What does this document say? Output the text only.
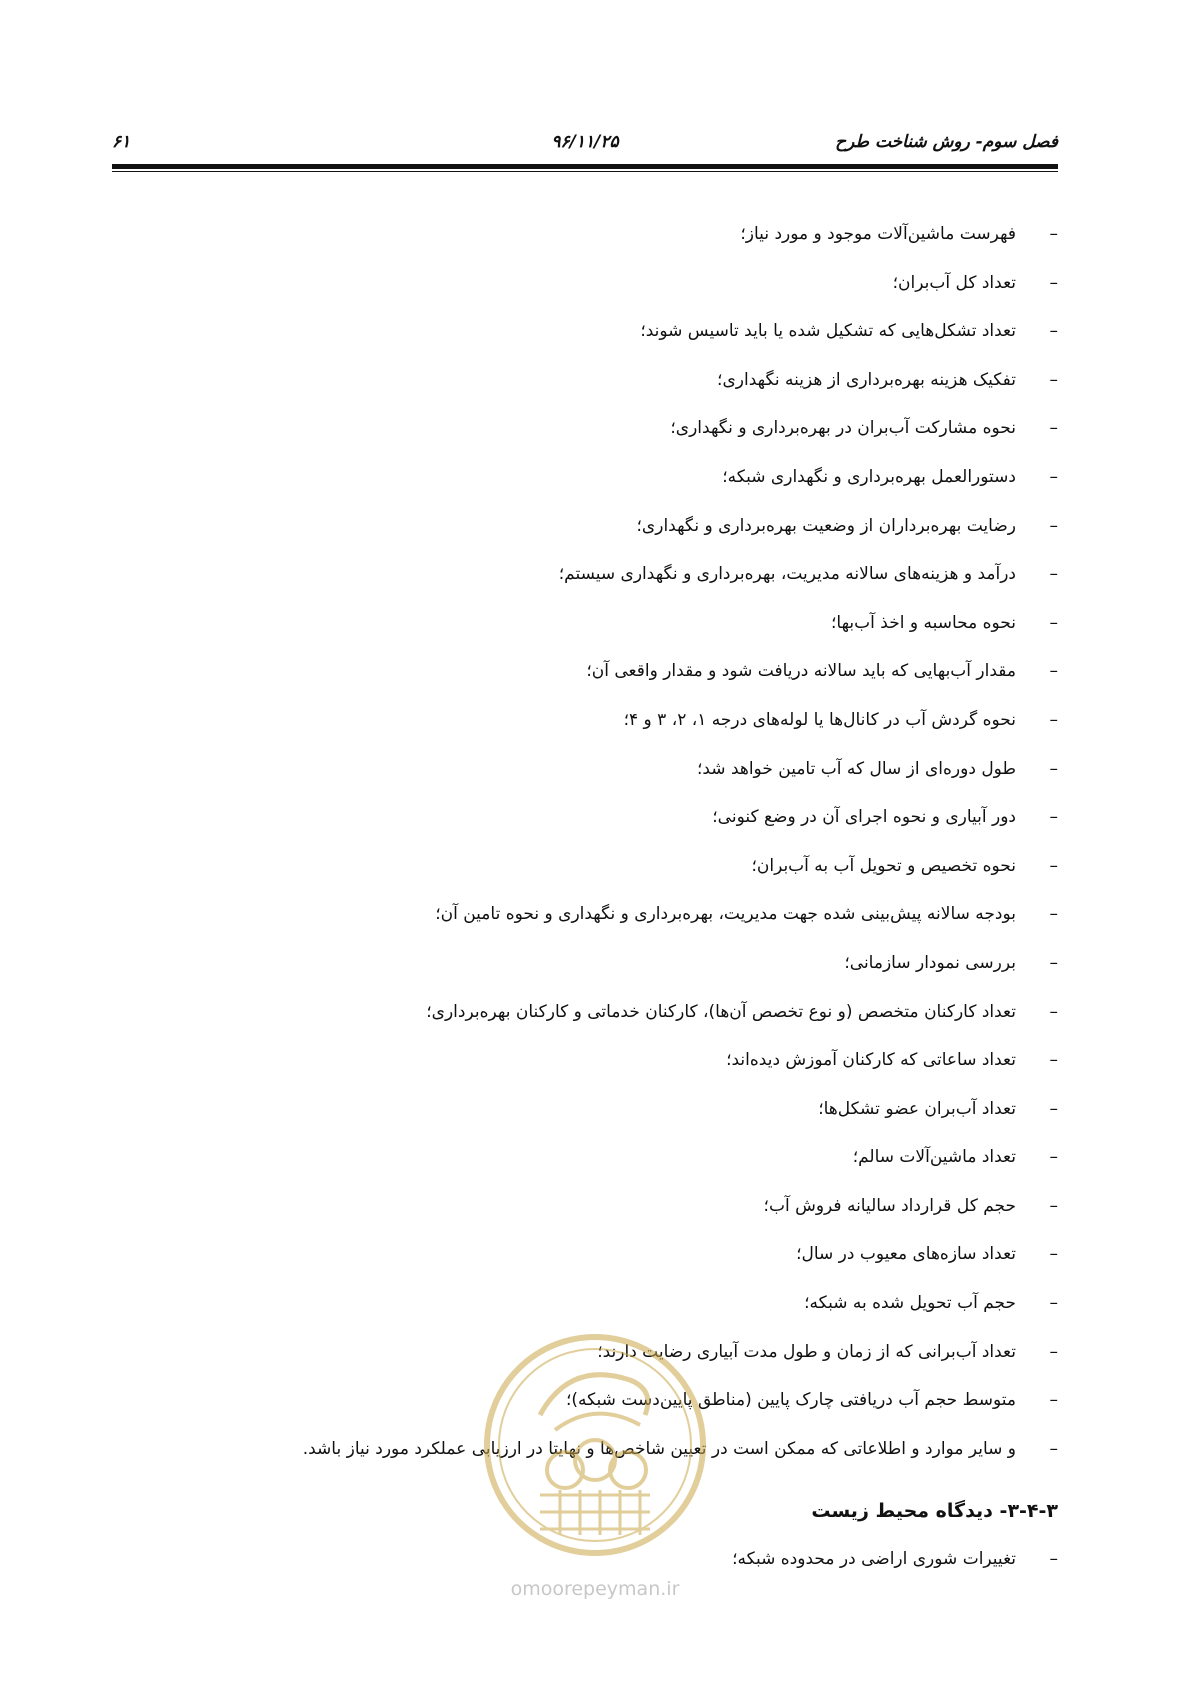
فصل سوم- روش شناخت طرح
۹۶/۱۱/۲۵
۶۱
–فهرست ماشین‌آلات موجود و مورد نیاز؛
–تعداد کل آب‌بران؛
–تعداد تشکل‌هایی که تشکیل شده یا باید تاسیس شوند؛
–تفکیک هزینه بهره‌برداری از هزینه نگهداری؛
–نحوه مشارکت آب‌بران در بهره‌برداری و نگهداری؛
–دستورالعمل بهره‌برداری و نگهداری شبکه؛
–رضایت بهره‌برداران از وضعیت بهره‌برداری و نگهداری؛
–درآمد و هزینه‌های سالانه مدیریت، بهره‌برداری و نگهداری سیستم؛
–نحوه محاسبه و اخذ آب‌بها؛
–مقدار آب‌بهایی که باید سالانه دریافت شود و مقدار واقعی آن؛
–نحوه گردش آب در کانال‌ها یا لوله‌های درجه ۱، ۲، ۳ و ۴؛
–طول دوره‌ای از سال که آب تامین خواهد شد؛
–دور آبیاری و نحوه اجرای آن در وضع کنونی؛
–نحوه تخصیص و تحویل آب به آب‌بران؛
–بودجه سالانه پیش‌بینی شده جهت مدیریت، بهره‌برداری و نگهداری و نحوه تامین آن؛
–بررسی نمودار سازمانی؛
–تعداد کارکنان متخصص (و نوع تخصص آن‌ها)، کارکنان خدماتی و کارکنان بهره‌برداری؛
–تعداد ساعاتی که کارکنان آموزش دیده‌اند؛
–تعداد آب‌بران عضو تشکل‌ها؛
–تعداد ماشین‌آلات سالم؛
–حجم کل قرارداد سالیانه فروش آب؛
–تعداد سازه‌های معیوب در سال؛
–حجم آب تحویل شده به شبکه؛
–تعداد آب‌برانی که از زمان و طول مدت آبیاری رضایت دارند؛
–متوسط حجم آب دریافتی چارک پایین (مناطق پایین‌دست شبکه)؛
–و سایر موارد و اطلاعاتی که ممکن است در تعیین شاخص‌ها و نهایتا در ارزیابی عملکرد مورد نیاز باشد.
۳-۴-۳- دیدگاه محیط زیست
–تغییرات شوری اراضی در محدوده شبکه؛
omoorepeyman.ir
